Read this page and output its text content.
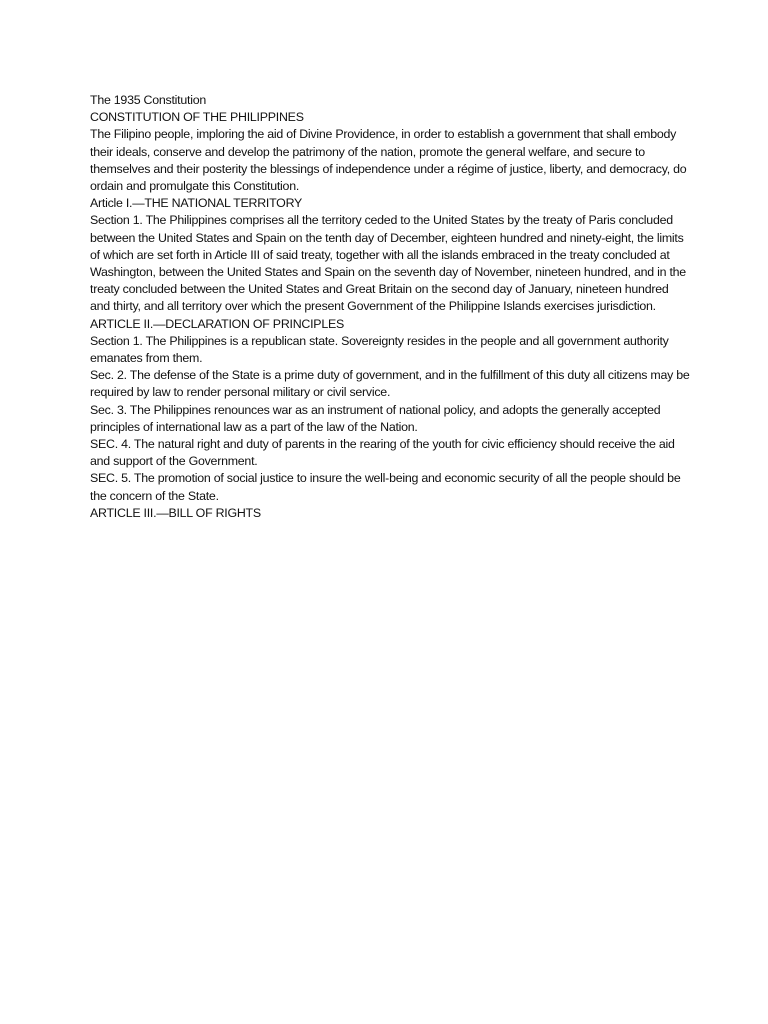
The 1935 Constitution

CONSTITUTION OF THE PHILIPPINES

The Filipino people, imploring the aid of Divine Providence, in order to establish a government that shall embody their ideals, conserve and develop the patrimony of the nation, promote the general welfare, and secure to themselves and their posterity the blessings of independence under a régime of justice, liberty, and democracy, do ordain and promulgate this Constitution.

Article I.—THE NATIONAL TERRITORY

Section 1. The Philippines comprises all the territory ceded to the United States by the treaty of Paris concluded between the United States and Spain on the tenth day of December, eighteen hundred and ninety-eight, the limits of which are set forth in Article III of said treaty, together with all the islands embraced in the treaty concluded at Washington, between the United States and Spain on the seventh day of November, nineteen hundred, and in the treaty concluded between the United States and Great Britain on the second day of January, nineteen hundred and thirty, and all territory over which the present Government of the Philippine Islands exercises jurisdiction.

ARTICLE II.—DECLARATION OF PRINCIPLES

Section 1. The Philippines is a republican state. Sovereignty resides in the people and all government authority emanates from them.

Sec. 2. The defense of the State is a prime duty of government, and in the fulfillment of this duty all citizens may be required by law to render personal military or civil service.

Sec. 3. The Philippines renounces war as an instrument of national policy, and adopts the generally accepted principles of international law as a part of the law of the Nation.

SEC. 4. The natural right and duty of parents in the rearing of the youth for civic efficiency should receive the aid and support of the Government.

SEC. 5. The promotion of social justice to insure the well-being and economic security of all the people should be the concern of the State.

ARTICLE III.—BILL OF RIGHTS
